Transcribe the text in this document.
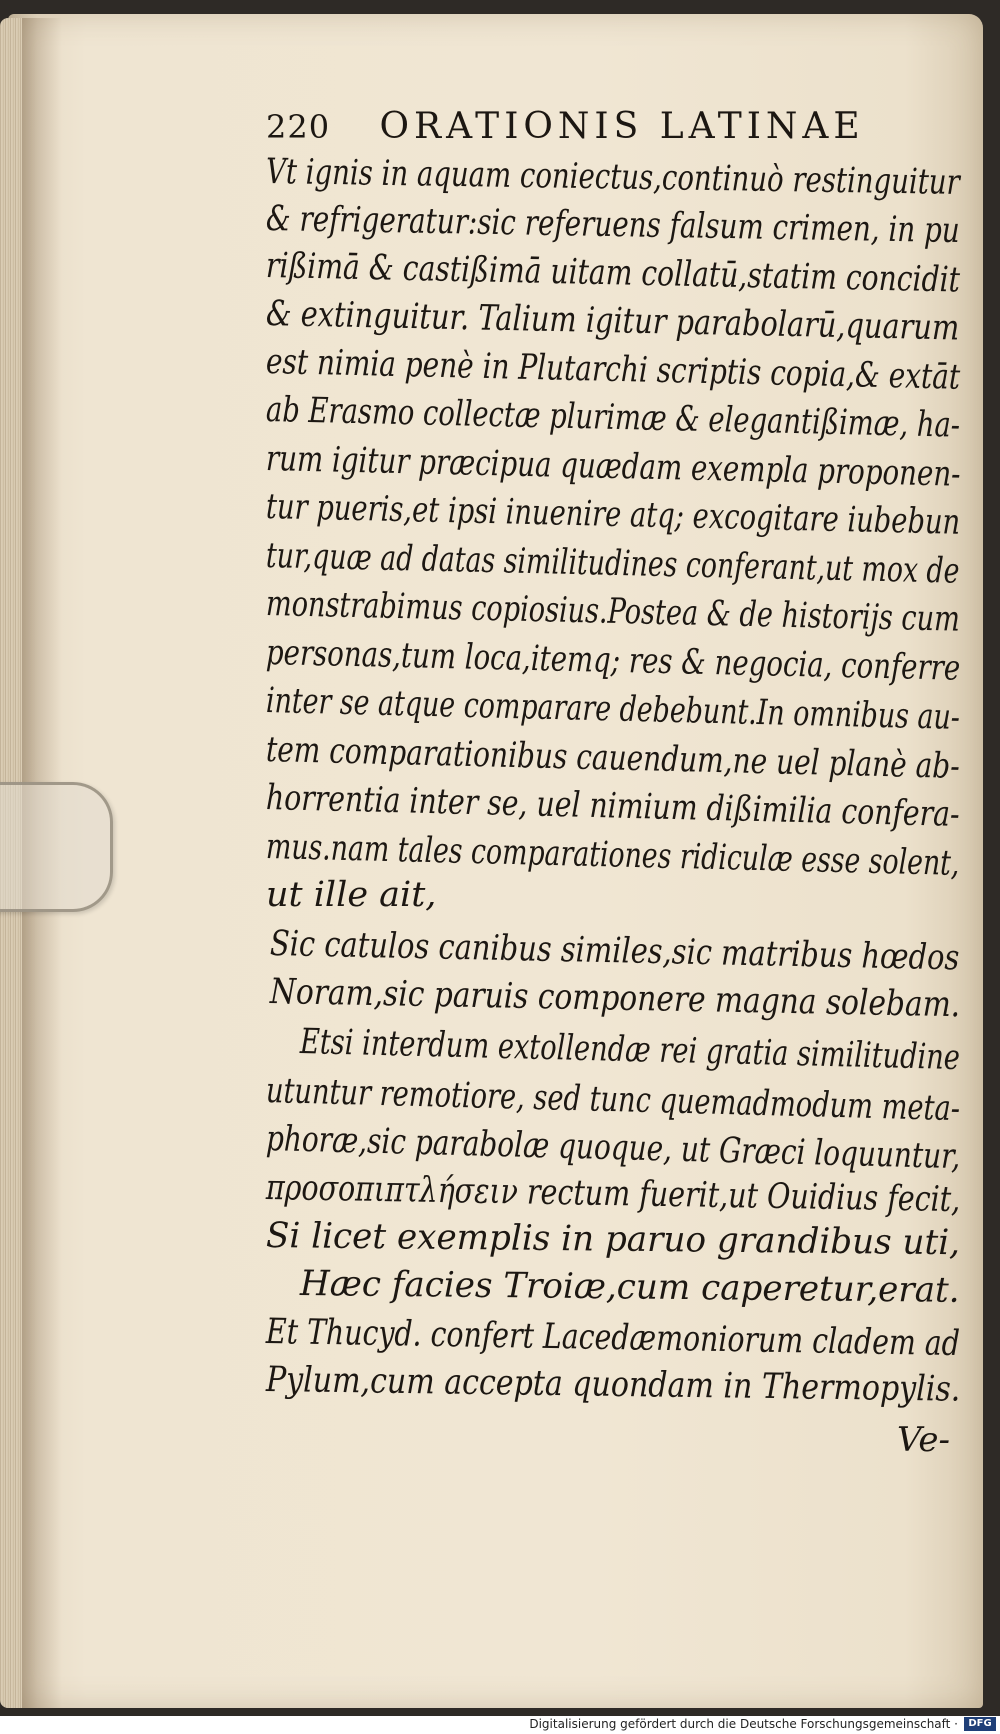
220 ORATIONIS LATINAE
Vt ignis in aquam coniectus,continuò restinguitur
& refrigeratur:sic referuens falsum crimen, in pu
rißimā & castißimā uitam collatū,statim concidit
& extinguitur. Talium igitur parabolarū,quarum
est nimia penè in Plutarchi scriptis copia,& extāt
ab Erasmo collectæ plurimæ & elegantißimæ, ha-
rum igitur præcipua quædam exempla proponen-
tur pueris,et ipsi inuenire atq; excogitare iubebun
tur,quæ ad datas similitudines conferant,ut mox de
monstrabimus copiosius.Postea & de historijs cum
personas,tum loca,itemq; res & negocia, conferre
inter se atque comparare debebunt.In omnibus au-
tem comparationibus cauendum,ne uel planè ab-
horrentia inter se, uel nimium dißimilia confera-
mus.nam tales comparationes ridiculæ esse solent,
ut ille ait,
Sic catulos canibus similes,sic matribus hœdos
Noram,sic paruis componere magna solebam.
Etsi interdum extollendæ rei gratia similitudine
utuntur remotiore, sed tunc quemadmodum meta-
phoræ,sic parabolæ quoque, ut Græci loquuntur,
προσοπιπτλήσειν rectum fuerit,ut Ouidius fecit,
Si licet exemplis in paruo grandibus uti,
Hæc facies Troiæ,cum caperetur,erat.
Et Thucyd. confert Lacedæmoniorum cladem ad
Pylum,cum accepta quondam in Thermopylis.
Ve-
Digitalisierung gefördert durch die Deutsche Forschungsgemeinschaft ·	DFG
